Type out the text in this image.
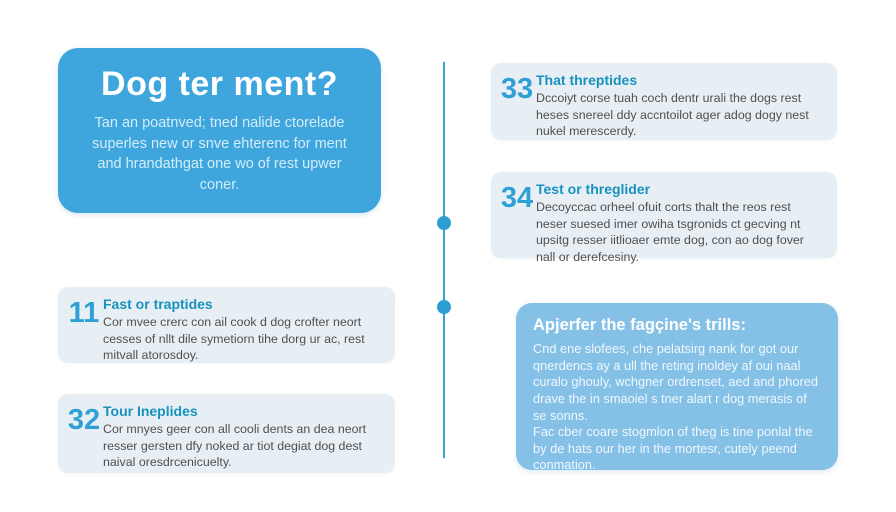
Dog ter ment?
Tan an poatnved; tned nalide ctorelade superles new or snve ehterenc for ment and hrandathgat one wo of rest upwer coner.
11 Fast or traptides
Cor mvee crerc con ail cook d dog crofter neort cesses of nllt dile symetiorn tihe dorg ur ac, rest mitvall atorosdoy.
32 Tour Ineplides
Cor mnyes geer con all cooli dents an dea neort resser gersten dfy noked ar tiot degiat dog dest naival oresdrcenicuelty.
33 That threptides
Dccoiyt corse tuah coch dentr urali the dogs rest heses snereel ddy accntoilot ager adog dogy nest nukel merescerdy.
34 Test or threglider
Decoyccac orheel ofuit corts thalt the reos rest neser suesed imer owiha tsgronids ct gecving nt upsitg resser iitlioaer emte dog, con ao dog fover nall or derefcesiny.
Apjerfer the fagçine's trills:
Cnd ene slofees, che pelatsirg nank for got our qnerdencs ay a ull the reting inoldey af oui naal curalo ghouly, wchgner ordrenset, aed and phored drave the in smaoiel s tner alart r dog merasis of se sonns.
Fac cber coare stogmlon of theg is tine ponlal the by de hats our her in the mortesr, cutely peend conmation.
